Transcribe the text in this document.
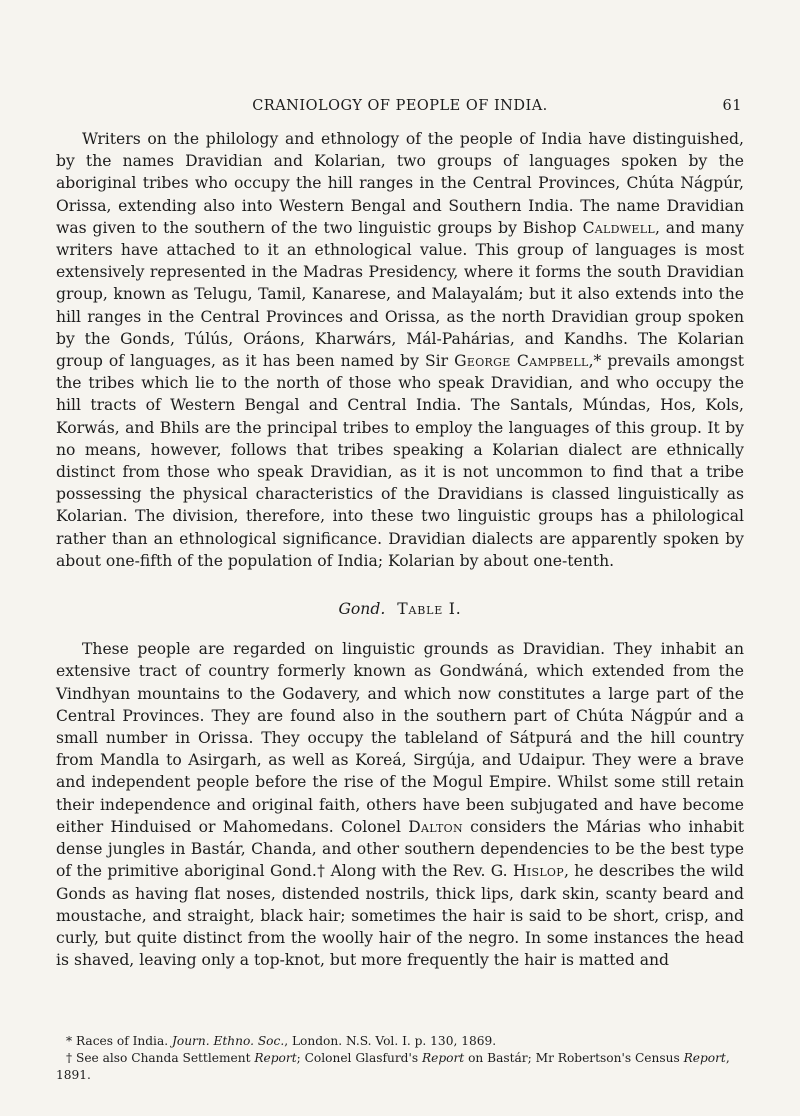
CRANIOLOGY OF PEOPLE OF INDIA.	61

Writers on the philology and ethnology of the people of India have distinguished, by the names Dravidian and Kolarian, two groups of languages spoken by the aboriginal tribes who occupy the hill ranges in the Central Provinces, Chúta Nágpúr, Orissa, extending also into Western Bengal and Southern India. The name Dravidian was given to the southern of the two linguistic groups by Bishop Caldwell, and many writers have attached to it an ethnological value. This group of languages is most extensively represented in the Madras Presidency, where it forms the south Dravidian group, known as Telugu, Tamil, Kanarese, and Malayalám; but it also extends into the hill ranges in the Central Provinces and Orissa, as the north Dravidian group spoken by the Gonds, Túlús, Oráons, Kharwárs, Mál-Pahárias, and Kandhs. The Kolarian group of languages, as it has been named by Sir George Campbell,* prevails amongst the tribes which lie to the north of those who speak Dravidian, and who occupy the hill tracts of Western Bengal and Central India. The Santals, Múndas, Hos, Kols, Korwás, and Bhils are the principal tribes to employ the languages of this group. It by no means, however, follows that tribes speaking a Kolarian dialect are ethnically distinct from those who speak Dravidian, as it is not uncommon to find that a tribe possessing the physical characteristics of the Dravidians is classed linguistically as Kolarian. The division, therefore, into these two linguistic groups has a philological rather than an ethnological significance. Dravidian dialects are apparently spoken by about one-fifth of the population of India; Kolarian by about one-tenth.

Gond. Table I.

These people are regarded on linguistic grounds as Dravidian. They inhabit an extensive tract of country formerly known as Gondwáná, which extended from the Vindhyan mountains to the Godavery, and which now constitutes a large part of the Central Provinces. They are found also in the southern part of Chúta Nágpúr and a small number in Orissa. They occupy the tableland of Sátpurá and the hill country from Mandla to Asirgarh, as well as Koreá, Sirgúja, and Udaipur. They were a brave and independent people before the rise of the Mogul Empire. Whilst some still retain their independence and original faith, others have been subjugated and have become either Hinduised or Mahomedans. Colonel Dalton considers the Márias who inhabit dense jungles in Bastár, Chanda, and other southern dependencies to be the best type of the primitive aboriginal Gond.† Along with the Rev. G. Hislop, he describes the wild Gonds as having flat noses, distended nostrils, thick lips, dark skin, scanty beard and moustache, and straight, black hair; sometimes the hair is said to be short, crisp, and curly, but quite distinct from the woolly hair of the negro. In some instances the head is shaved, leaving only a top-knot, but more frequently the hair is matted and

* Races of India. Journ. Ethno. Soc., London. N.S. Vol. I. p. 130, 1869.
† See also Chanda Settlement Report; Colonel Glasfurd's Report on Bastár; Mr Robertson's Census Report, 1891.
